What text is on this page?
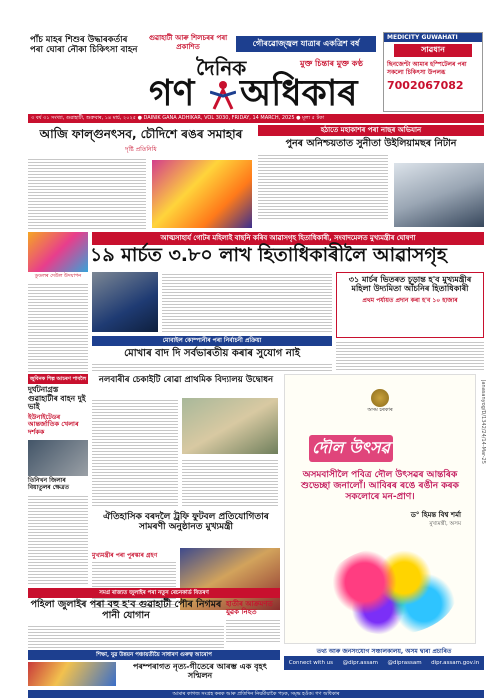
পাঁচ মাহৰ শিশুৰ উদ্ধাৰকৰ্তাৰ পৰা ঘোৰা নৌকা চিকিৎসা বাহন
গুৱাহাটী আৰু শিলচৰৰ পৰা প্ৰকাশিত	গৌৰৱোজ্জ্বল যাত্ৰাৰ একত্ৰিশ বৰ্ষ
দৈনিক
গণ অধিকাৰ
মুক্ত চিন্তাৰ মুক্ত কণ্ঠ
MEDICITY GUWAHATI
সাৱধান
ছিনজেণ্টা আমাৰ হস্পিটেলৰ পৰা সকলো চিকিৎসা উপলব্ধ
7002067082
৩ বৰ্ষ ৩১ সংখ্যা, গুৱাহাটী, শুক্ৰবাৰ, ১৪ মাৰ্চ, ২০২৫ ● DAINIK GANA ADHIKAR, VOL 3030, FRIDAY, 14 MARCH, 2025 ● মূল্য ৫ টকা
আজি ফাল্গুনৎসব, চৌদিশে ৰঙৰ সমাহাৰ
দৃষ্টি প্ৰতিনিধি
হঠাতে মহাকাশৰ পৰা নাছৰ অভিযান
পুনৰ অনিশ্চয়তাত সুনীতা উইলিয়ামছৰ নিটান
আত্মসাহাৰ্য গোটৰ মহিলাই বাছনি কৰিব আৱাসগৃহ হিতাধিকাৰী, সংবাদমেলত মুখ্যমন্ত্ৰীৰ ঘোষণা
১৯ মাৰ্চত ৩.৮০ লাখ হিতাধিকাৰীলৈ আৱাসগৃহ
৩১ মাৰ্চৰ ভিতৰত চূড়ান্ত হ'ব মুখ্যমন্ত্ৰীৰ মহিলা উদ্যমিতা আঁচনিৰ হিতাধিকাৰী
প্ৰথম পৰ্যায়ত প্ৰদান কৰা হ'ব ১০ হাজাৰ
মোবাইল কোম্পানীৰ পৰা নিৰ্বাচনী প্ৰক্ৰিয়া
মোখাৰ বাদ দি সৰ্বভাৰতীয় কৰাৰ সুযোগ নাই
ডুডলৰ দেউল উদযাপন
জুবিনক শিল্প আচৰণ পাবলৈ
দুৰ্ঘটনাগ্ৰস্ত গুৱাহাটীৰ বাহন দুই ভাই
ইউনাইটেডৰ আন্তৰ্জাতিক খেলাৰ দৰ্শকক
তিনিখন জিলাৰ বিয়াতুলৰ ক্ষেত্ৰত
নলবাৰীৰ চেকাইটি ৰোৱা প্ৰাথমিক বিদ্যালয় উদ্বোধন
ঐতিহাসিক বৰদলৈ ট্ৰফি ফুটবল প্ৰতিযোগিতাৰ সামৰণী অনুষ্ঠানত মুখ্যমন্ত্ৰী
মুখ্যমন্ত্ৰীৰ পৰা পুৰস্কাৰ গ্ৰহণ
অসম চৰকাৰ
দৌল উৎসৱ
অসমবাসীলৈ পবিত্ৰ দৌল উৎসৱৰ আন্তৰিক শুভেচ্ছা জনালোঁ। আবিৰৰ ৰঙে ৰঙীন কৰক সকলোৰে মন-প্ৰাণ।
ড° হিমন্ত বিশ্ব শৰ্মা
মুখ্যমন্ত্ৰী, অসম
Janasanyog/D/1342/24/14-Mar-25
তথ্য আৰু জনসংযোগ সঞ্চালকালয়, অসম দ্বাৰা প্ৰচাৰিত
Connect with us @dipr.assam @diprassam dipr.assam.gov.in
সমগ্ৰ ৰাজ্যত জুলাইৰ পৰা নতুন ৰেচনকাৰ্ড বিতৰণ
পহিলা জুলাইৰ পৰা বহু হ'ব গুৱাহাটী পৌৰ নিগমৰ পানী যোগান
হাতীৰ আক্ৰমণত যুৱক নিহত
শিক্ষা, যুৱ উন্নয়ন পঞ্চায়তীয়ৈ সাধাৰণ গুৰুত্ব আৰোপ
পৰম্পৰাগত নৃত্য-গীতেৰে আৰম্ভ এক বৃহৎ সন্মিলন
আমাৰ কাগজ সংগ্ৰহ কৰক আৰু প্ৰতিদিন নিয়মীয়াকৈ পঢ়ক, সমৃদ্ধ হওঁক। গণ অধিকাৰ
